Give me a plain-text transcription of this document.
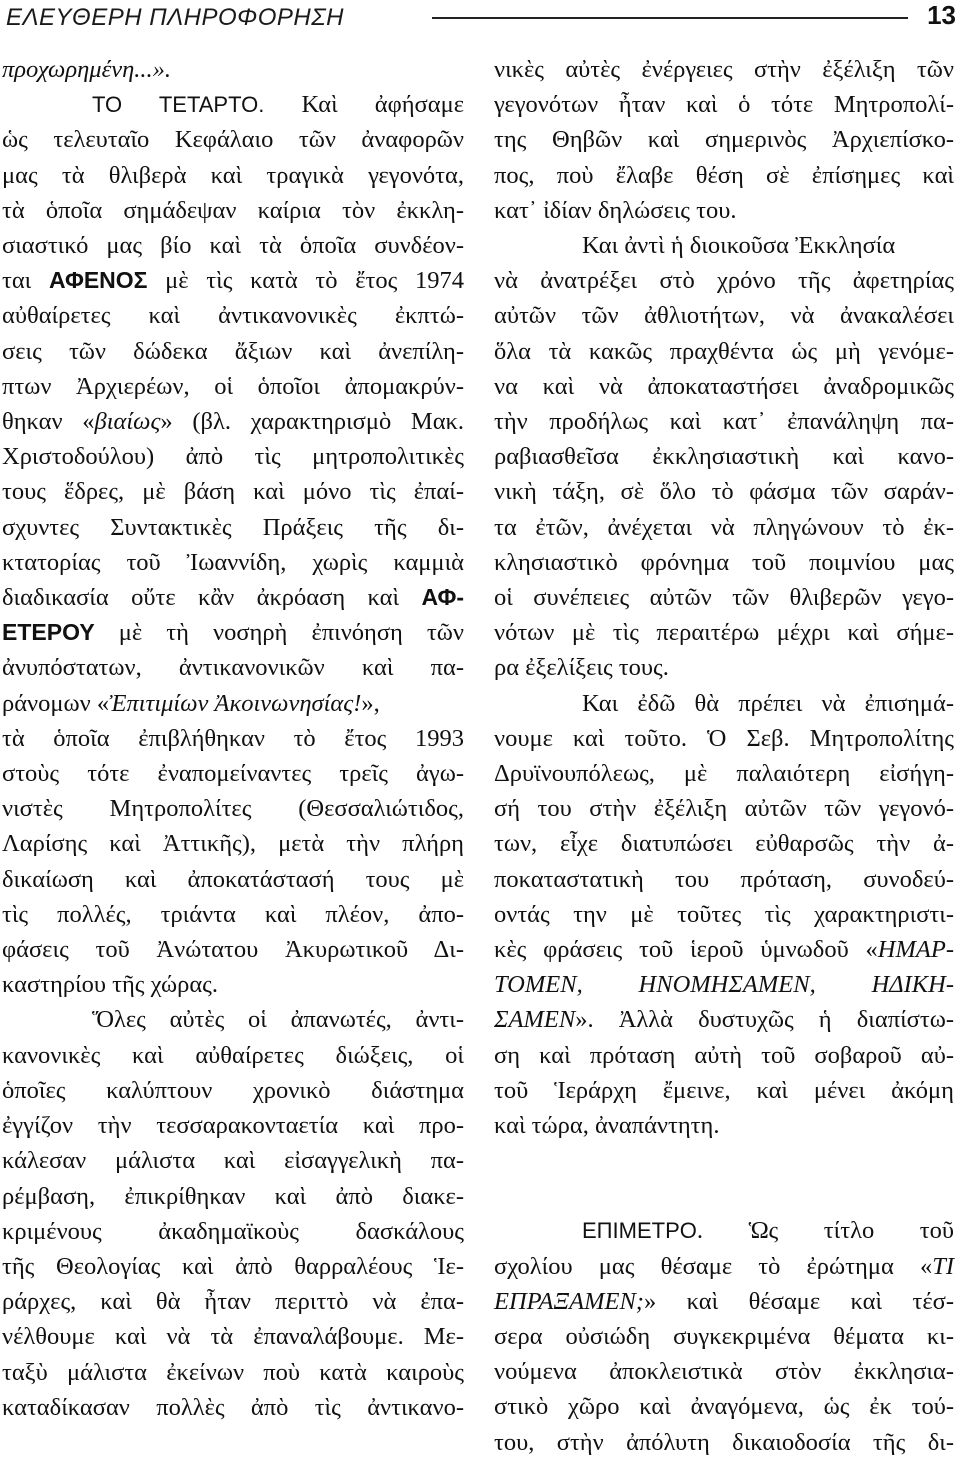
ΕΛΕΥΘΕΡΗ ΠΛΗΡΟΦΟΡΗΣΗ	13
προχωρημένη...».
ΤΟ ΤΕΤΑΡΤΟ. Καὶ ἀφήσαμε
ὡς τελευταῖο Κεφάλαιο τῶν ἀναφορῶν
μας τὰ θλιβερὰ καὶ τραγικὰ γεγονότα,
τὰ ὁποῖα σημάδεψαν καίρια τὸν ἐκκλη-
σιαστικό μας βίο καὶ τὰ ὁποῖα συνδέον-
ται ΑΦΕΝΟΣ μὲ τὶς κατὰ τὸ ἔτος 1974
αὐθαίρετες καὶ ἀντικανονικὲς ἐκπτώ-
σεις τῶν δώδεκα ἄξιων καὶ ἀνεπίλη-
πτων Ἀρχιερέων, οἱ ὁποῖοι ἀπομακρύν-
θηκαν «βιαίως» (βλ. χαρακτηρισμὸ Μακ.
Χριστοδούλου) ἀπὸ τὶς μητροπολιτικὲς
τους ἕδρες, μὲ βάση καὶ μόνο τὶς ἐπαί-
σχυντες Συντακτικὲς Πράξεις τῆς δι-
κτατορίας τοῦ Ἰωαννίδη, χωρὶς καμμιὰ
διαδικασία οὔτε κἂν ἀκρόαση καὶ ΑΦ-
ΕΤΕΡΟΥ μὲ τὴ νοσηρὴ ἐπινόηση τῶν
ἀνυπόστατων, ἀντικανονικῶν καὶ πα-
ράνομων «Ἐπιτιμίων Ἀκοινωνησίας!»,
τὰ ὁποῖα ἐπιβλήθηκαν τὸ ἔτος 1993
στοὺς τότε ἐναπομείναντες τρεῖς ἀγω-
νιστὲς Μητροπολίτες (Θεσσαλιώτιδος,
Λαρίσης καὶ Ἀττικῆς), μετὰ τὴν πλήρη
δικαίωση καὶ ἀποκατάστασή τους μὲ
τὶς πολλές, τριάντα καὶ πλέον, ἀπο-
φάσεις τοῦ Ἀνώτατου Ἀκυρωτικοῦ Δι-
καστηρίου τῆς χώρας.
Ὅλες αὐτὲς οἱ ἀπανωτές, ἀντι-
κανονικὲς καὶ αὐθαίρετες διώξεις, οἱ
ὁποῖες καλύπτουν χρονικὸ διάστημα
ἐγγίζον τὴν τεσσαρακονταετία καὶ προ-
κάλεσαν μάλιστα καὶ εἰσαγγελικὴ πα-
ρέμβαση, ἐπικρίθηκαν καὶ ἀπὸ διακε-
κριμένους ἀκαδημαϊκοὺς δασκάλους
τῆς Θεολογίας καὶ ἀπὸ θαρραλέους Ἱε-
ράρχες, καὶ θὰ ἦταν περιττὸ νὰ ἐπα-
νέλθουμε καὶ νὰ τὰ ἐπαναλάβουμε. Με-
ταξὺ μάλιστα ἐκείνων ποὺ κατὰ καιροὺς
καταδίκασαν πολλὲς ἀπὸ τὶς ἀντικανο-
νικὲς αὐτὲς ἐνέργειες στὴν ἐξέλιξη τῶν
γεγονότων ἦταν καὶ ὁ τότε Μητροπολί-
της Θηβῶν καὶ σημερινὸς Ἀρχιεπίσκο-
πος, ποὺ ἔλαβε θέση σὲ ἐπίσημες καὶ
κατ᾽ ἰδίαν δηλώσεις του.
Και ἀντὶ ἡ διοικοῦσα Ἐκκλησία
νὰ ἀνατρέξει στὸ χρόνο τῆς ἀφετηρίας
αὐτῶν τῶν ἀθλιοτήτων, νὰ ἀνακαλέσει
ὅλα τὰ κακῶς πραχθέντα ὡς μὴ γενόμε-
να καὶ νὰ ἀποκαταστήσει ἀναδρομικῶς
τὴν προδήλως καὶ κατ᾽ ἐπανάληψη πα-
ραβιασθεῖσα ἐκκλησιαστικὴ καὶ κανο-
νικὴ τάξη, σὲ ὅλο τὸ φάσμα τῶν σαράν-
τα ἐτῶν, ἀνέχεται νὰ πληγώνουν τὸ ἐκ-
κλησιαστικὸ φρόνημα τοῦ ποιμνίου μας
οἱ συνέπειες αὐτῶν τῶν θλιβερῶν γεγο-
νότων μὲ τὶς περαιτέρω μέχρι καὶ σήμε-
ρα ἐξελίξεις τους.
Και ἐδῶ θὰ πρέπει νὰ ἐπισημά-
νουμε καὶ τοῦτο. Ὁ Σεβ. Μητροπολίτης
Δρυϊνουπόλεως, μὲ παλαιότερη εἰσήγη-
σή του στὴν ἐξέλιξη αὐτῶν τῶν γεγονό-
των, εἶχε διατυπώσει εὐθαρσῶς τὴν ἀ-
ποκαταστατικὴ του πρόταση, συνοδεύ-
οντάς την μὲ τοῦτες τὶς χαρακτηριστι-
κὲς φράσεις τοῦ ἱεροῦ ὑμνωδοῦ «ΗΜΑΡ-
ΤΟΜΕΝ, ΗΝΟΜΗΣΑΜΕΝ, ΗΔΙΚΗ-
ΣΑΜΕΝ». Ἀλλὰ δυστυχῶς ἡ διαπίστω-
ση καὶ πρόταση αὐτὴ τοῦ σοβαροῦ αὐ-
τοῦ Ἱεράρχη ἔμεινε, καὶ μένει ἀκόμη
καὶ τώρα, ἀναπάντητη.
ΕΠΙΜΕΤΡΟ. Ὡς τίτλο τοῦ
σχολίου μας θέσαμε τὸ ἐρώτημα «ΤΙ
ΕΠΡΑΞΑΜΕΝ;» καὶ θέσαμε καὶ τέσ-
σερα οὐσιώδη συγκεκριμένα θέματα κι-
νούμενα ἀποκλειστικὰ στὸν ἐκκλησια-
στικὸ χῶρο καὶ ἀναγόμενα, ὡς ἐκ τού-
του, στὴν ἀπόλυτη δικαιοδοσία τῆς δι-
